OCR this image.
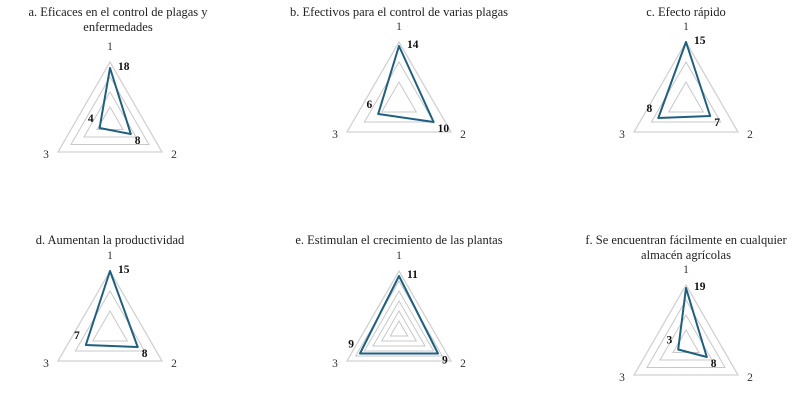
a. Eficaces en el control de plagas y
enfermedades
1
2
3
18
8
4
b. Efectivos para el control de varias plagas
1
2
3
14
10
6
c. Efecto rápido
1
2
3
15
7
8
d. Aumentan la productividad
1
2
3
15
8
7
e. Estimulan el crecimiento de las plantas
1
2
3
11
9
9
f. Se encuentran fácilmente en cualquier
almacén agrícolas
1
2
3
19
8
3
